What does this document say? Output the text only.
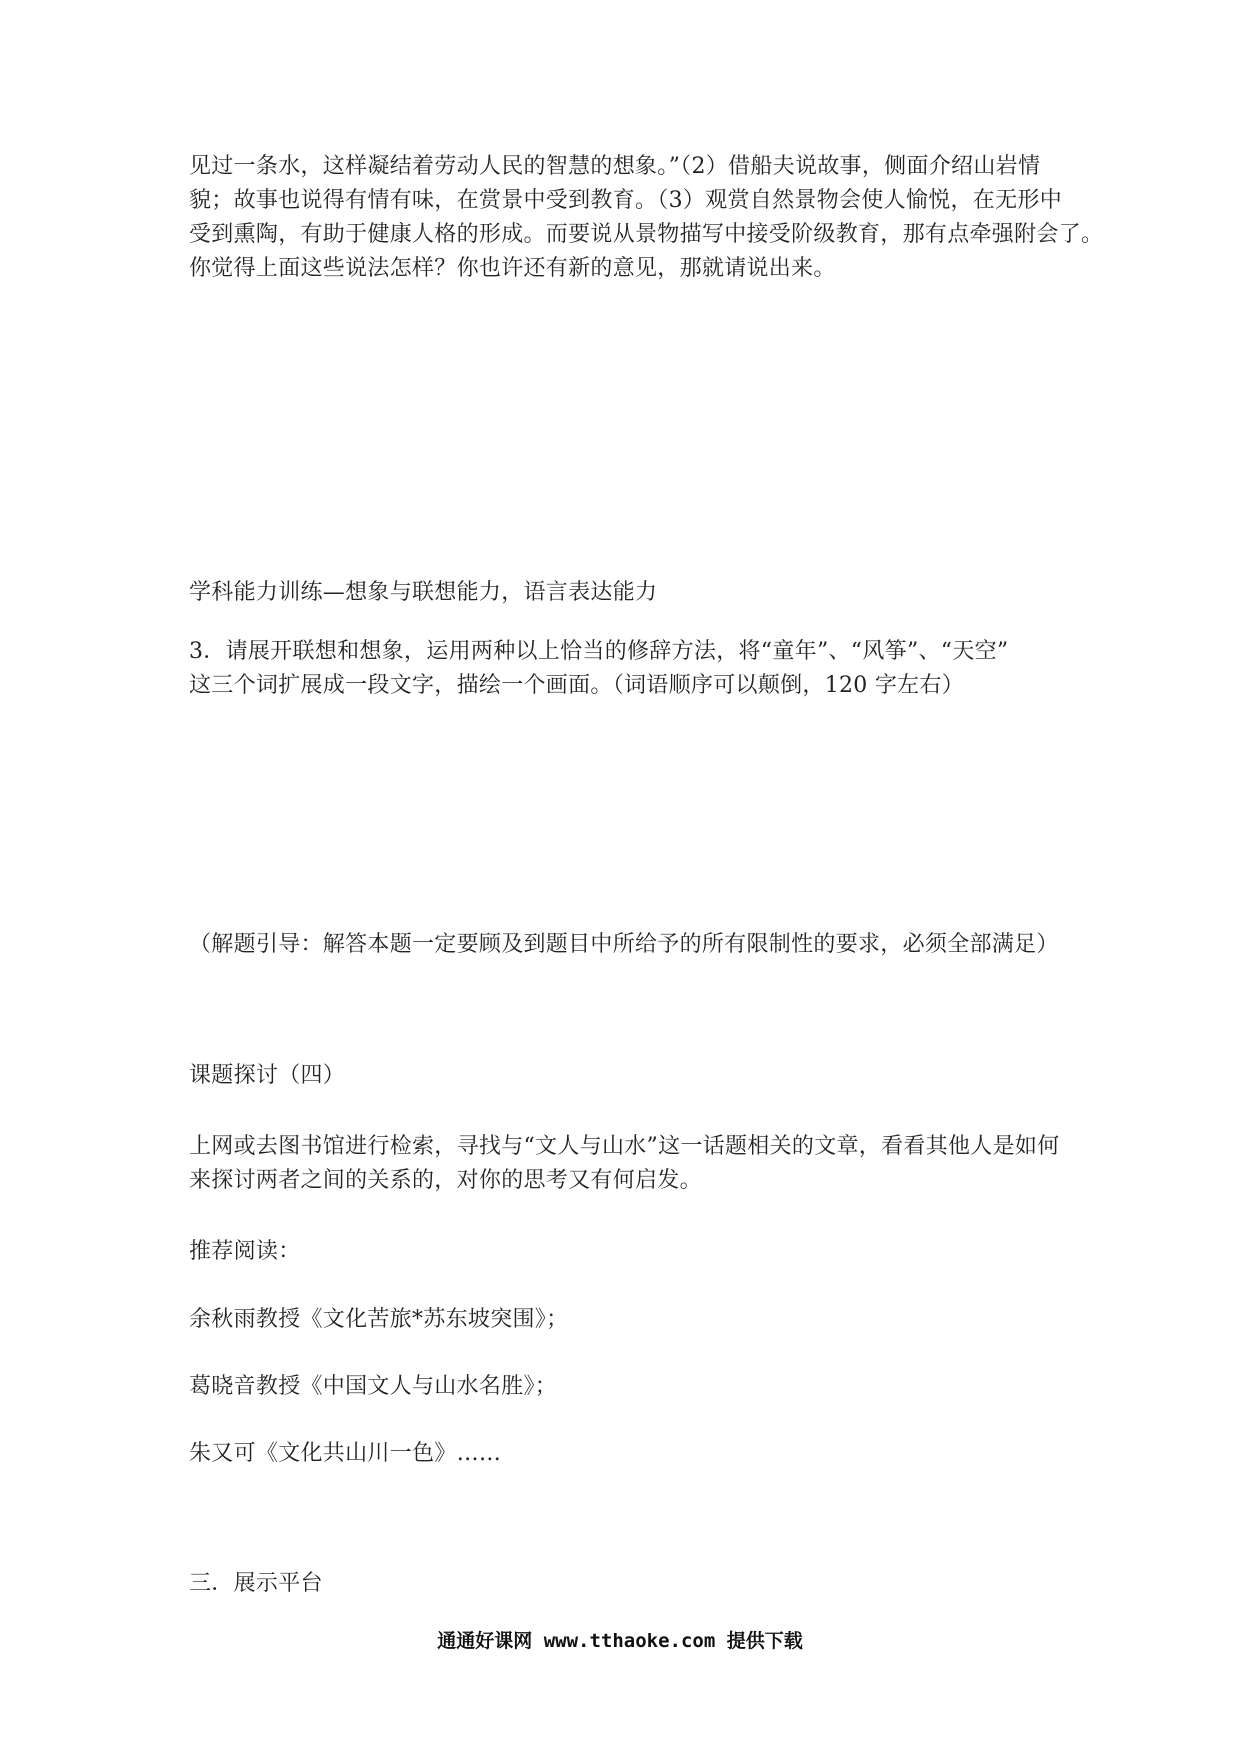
见过一条水，这样凝结着劳动人民的智慧的想象。”（2）借船夫说故事，侧面介绍山岩情
貌；故事也说得有情有味，在赏景中受到教育。（3）观赏自然景物会使人愉悦，在无形中
受到熏陶，有助于健康人格的形成。而要说从景物描写中接受阶级教育，那有点牵强附会了。
你觉得上面这些说法怎样？你也许还有新的意见，那就请说出来。
学科能力训练—想象与联想能力，语言表达能力
3．请展开联想和想象，运用两种以上恰当的修辞方法，将“童年”、“风筝”、“天空”
这三个词扩展成一段文字，描绘一个画面。（词语顺序可以颠倒，120 字左右）
（解题引导：解答本题一定要顾及到题目中所给予的所有限制性的要求，必须全部满足）
课题探讨（四）
上网或去图书馆进行检索，寻找与“文人与山水”这一话题相关的文章，看看其他人是如何
来探讨两者之间的关系的，对你的思考又有何启发。
推荐阅读：
余秋雨教授《文化苦旅*苏东坡突围》；
葛晓音教授《中国文人与山水名胜》；
朱又可《文化共山川一色》……
三．展示平台
通通好课网 www.tthaoke.com 提供下载
